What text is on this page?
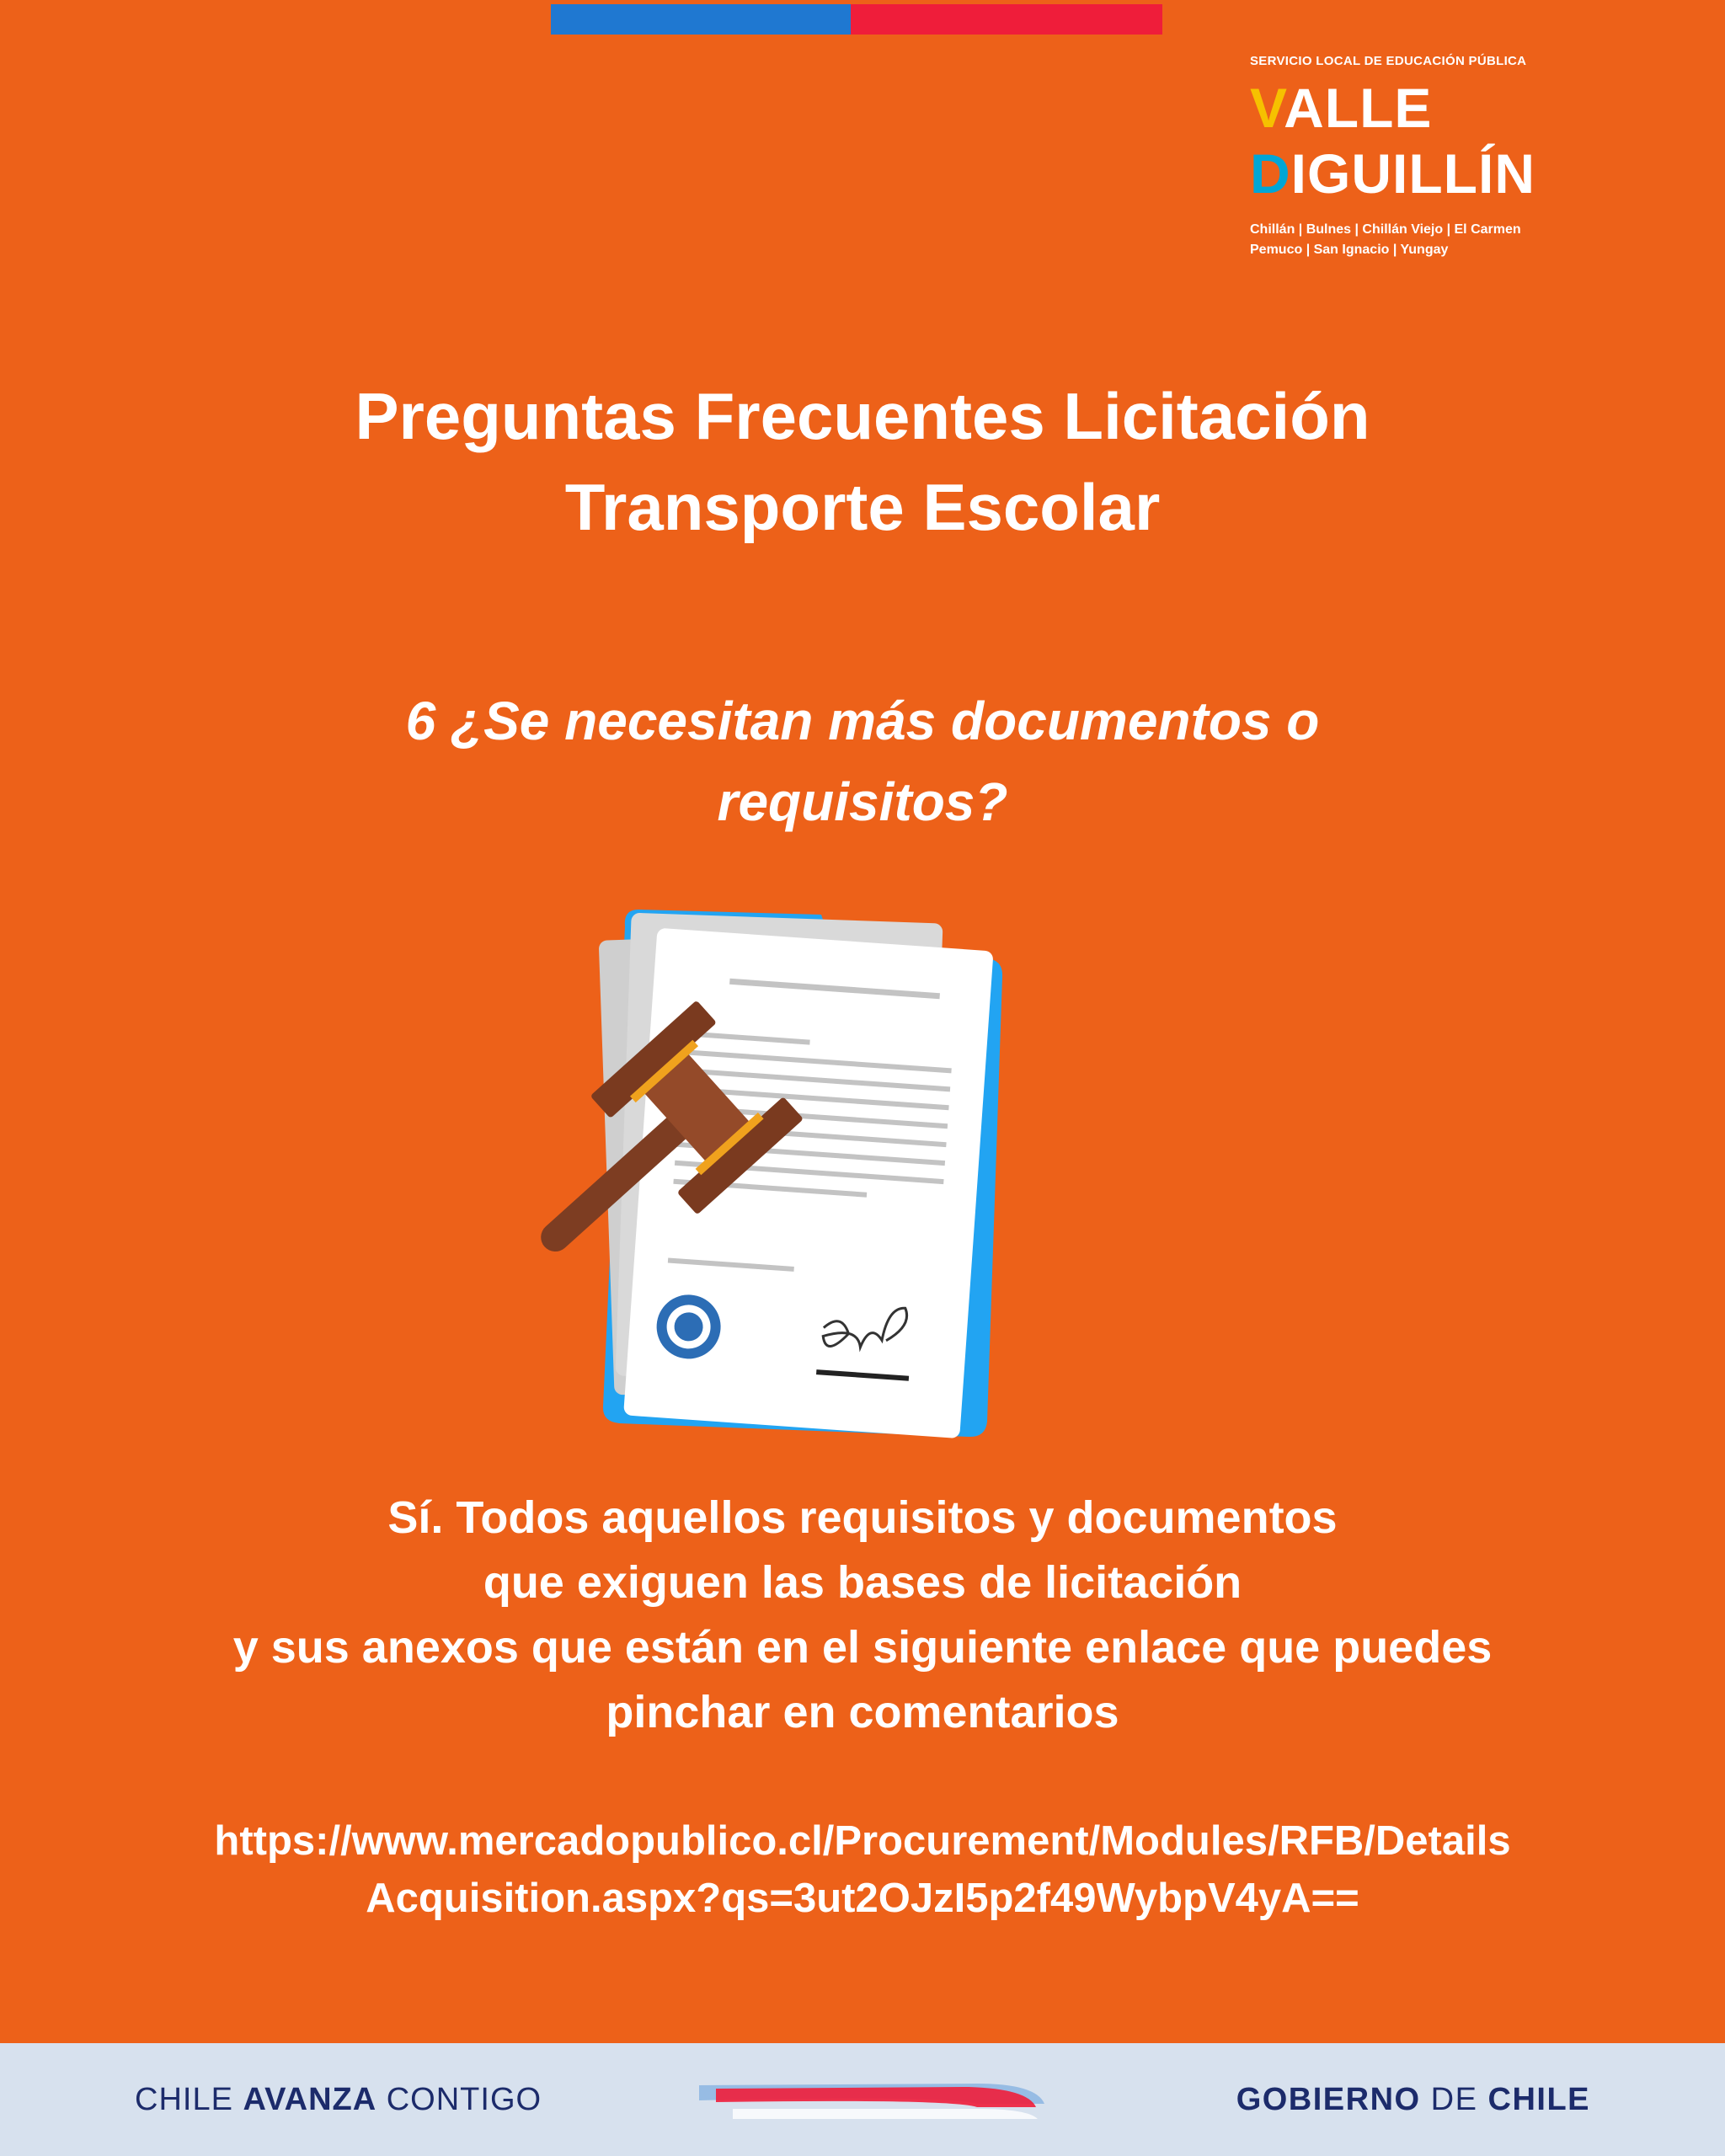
SERVICIO LOCAL DE EDUCACIÓN PÚBLICA
VALLE
DIGUILLÍN
Chillán | Bulnes | Chillán Viejo | El Carmen
Pemuco | San Ignacio | Yungay
Preguntas Frecuentes Licitación
Transporte Escolar
6 ¿Se necesitan más documentos o
requisitos?
Sí. Todos aquellos requisitos y documentos
que exiguen las bases de licitación
y sus anexos que están en el siguiente enlace que puedes
pinchar en comentarios
https://www.mercadopublico.cl/Procurement/Modules/RFB/Details
Acquisition.aspx?qs=3ut2OJzI5p2f49WybpV4yA==
CHILE AVANZA CONTIGO	GOBIERNO DE CHILE
